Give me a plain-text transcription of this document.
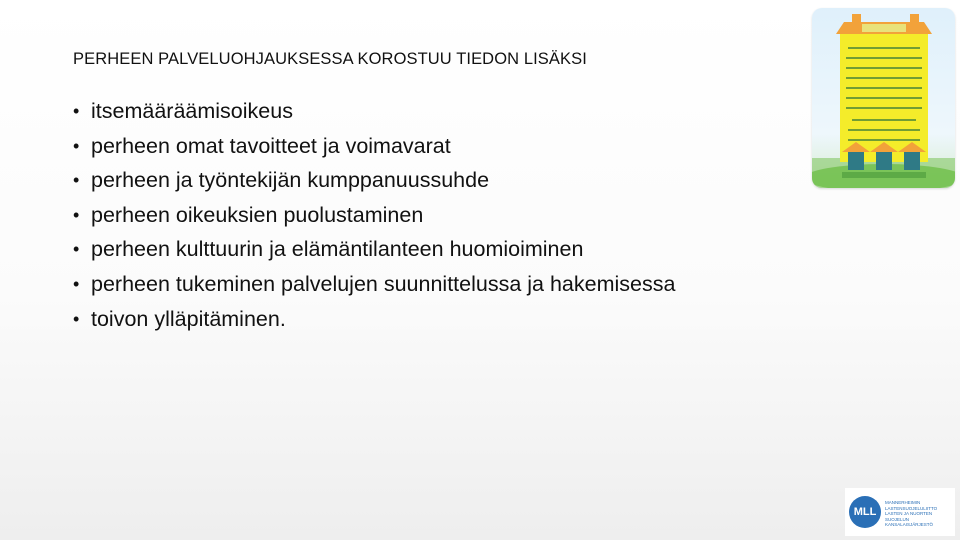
PERHEEN PALVELUOHJAUKSESSA KOROSTUU TIEDON LISÄKSI
• itsemääräämisoikeus
• perheen omat tavoitteet ja voimavarat
• perheen ja työntekijän kumppanuussuhde
• perheen oikeuksien puolustaminen
• perheen kulttuurin ja elämäntilanteen huomioiminen
• perheen tukeminen palvelujen suunnittelussa ja hakemisessa
• toivon ylläpitäminen.
MLL
MANNERHEIMIN
LASTENSUOJELULIITTO
LASTEN JA NUORTEN
SUOJELUN KANSALAISJÄRJESTÖ
